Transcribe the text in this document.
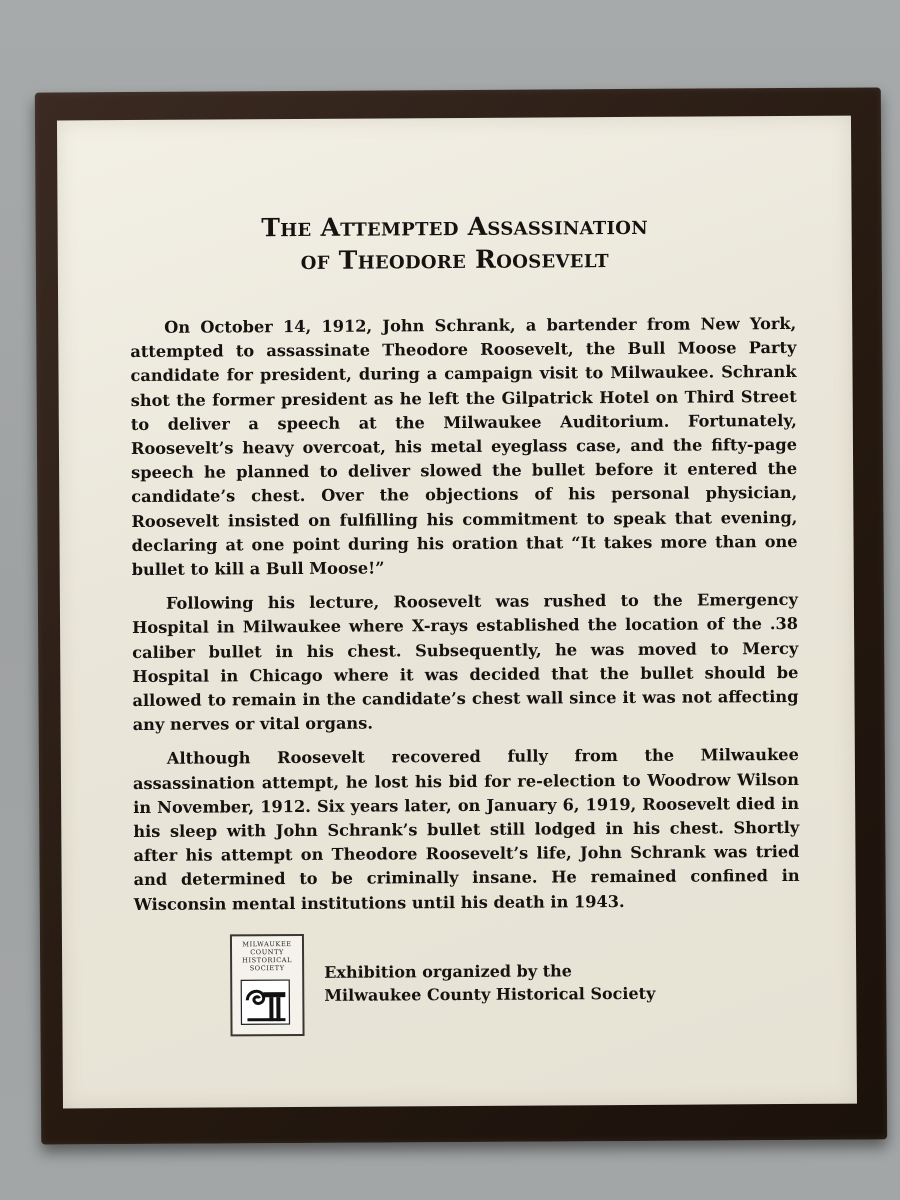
The Attempted Assassination
of Theodore Roosevelt

On October 14, 1912, John Schrank, a bartender from New York, attempted to assassinate Theodore Roosevelt, the Bull Moose Party candidate for president, during a campaign visit to Milwaukee. Schrank shot the former president as he left the Gilpatrick Hotel on Third Street to deliver a speech at the Milwaukee Auditorium. Fortunately, Roosevelt’s heavy overcoat, his metal eyeglass case, and the fifty-page speech he planned to deliver slowed the bullet before it entered the candidate’s chest. Over the objections of his personal physician, Roosevelt insisted on fulfilling his commitment to speak that evening, declaring at one point during his oration that “It takes more than one bullet to kill a Bull Moose!”

Following his lecture, Roosevelt was rushed to the Emergency Hospital in Milwaukee where X-rays established the location of the .38 caliber bullet in his chest. Subsequently, he was moved to Mercy Hospital in Chicago where it was decided that the bullet should be allowed to remain in the candidate’s chest wall since it was not affecting any nerves or vital organs.

Although Roosevelt recovered fully from the Milwaukee assassination attempt, he lost his bid for re-election to Woodrow Wilson in November, 1912. Six years later, on January 6, 1919, Roosevelt died in his sleep with John Schrank’s bullet still lodged in his chest. Shortly after his attempt on Theodore Roosevelt’s life, John Schrank was tried and determined to be criminally insane. He remained confined in Wisconsin mental institutions until his death in 1943.

MILWAUKEE COUNTY HISTORICAL SOCIETY	Exhibition organized by the
Milwaukee County Historical Society
